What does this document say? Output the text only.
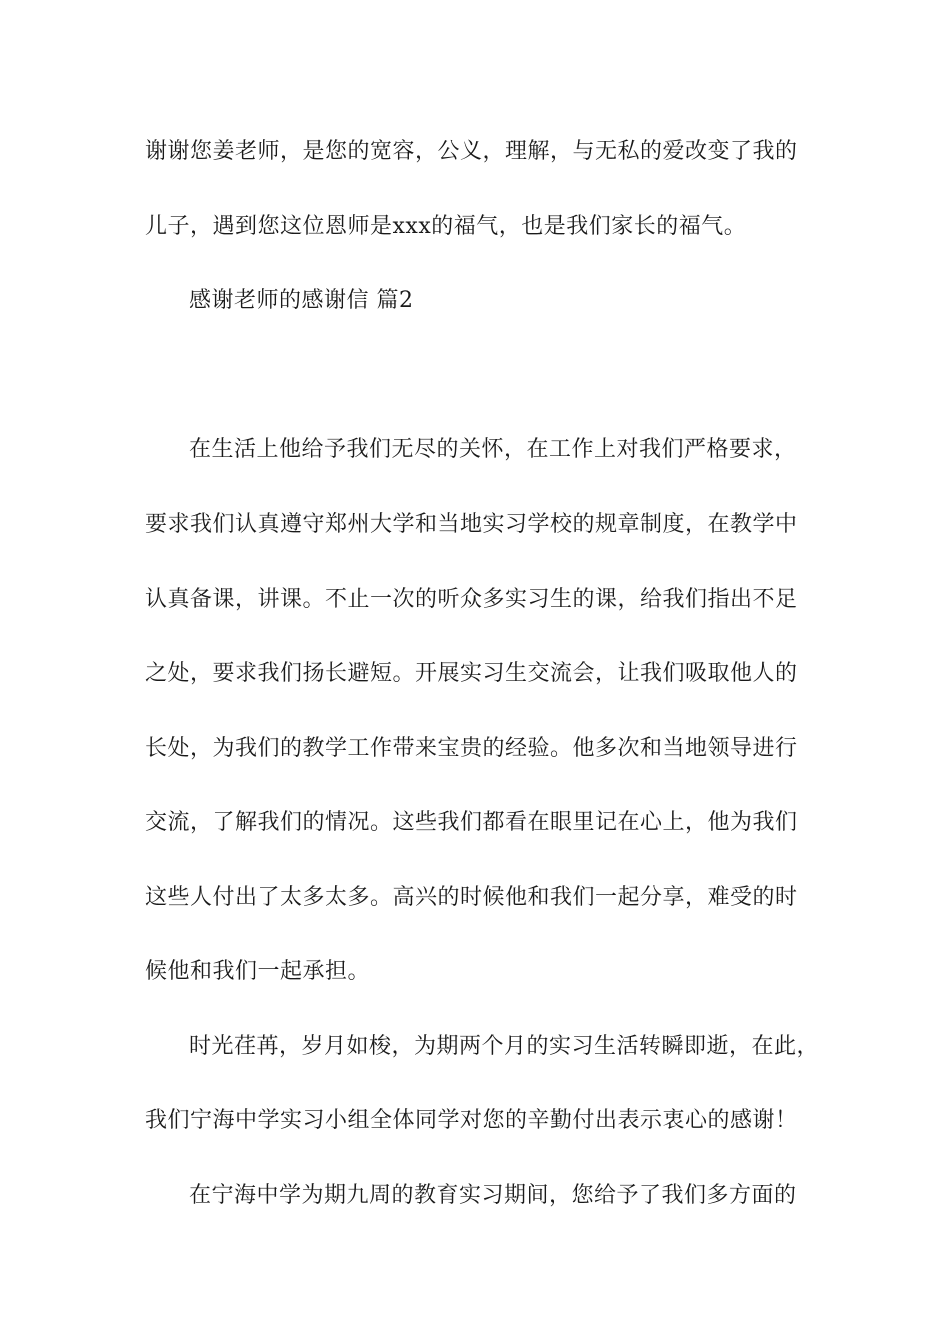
谢谢您姜老师，是您的宽容，公义，理解，与无私的爱改变了我的
儿子，遇到您这位恩师是xxx的福气，也是我们家长的福气。
感谢老师的感谢信 篇2
在生活上他给予我们无尽的关怀，在工作上对我们严格要求，
要求我们认真遵守郑州大学和当地实习学校的规章制度，在教学中
认真备课，讲课。不止一次的听众多实习生的课，给我们指出不足
之处，要求我们扬长避短。开展实习生交流会，让我们吸取他人的
长处，为我们的教学工作带来宝贵的经验。他多次和当地领导进行
交流，了解我们的情况。这些我们都看在眼里记在心上，他为我们
这些人付出了太多太多。高兴的时候他和我们一起分享，难受的时
候他和我们一起承担。
时光荏苒，岁月如梭，为期两个月的实习生活转瞬即逝，在此，
我们宁海中学实习小组全体同学对您的辛勤付出表示衷心的感谢！
在宁海中学为期九周的教育实习期间，您给予了我们多方面的
